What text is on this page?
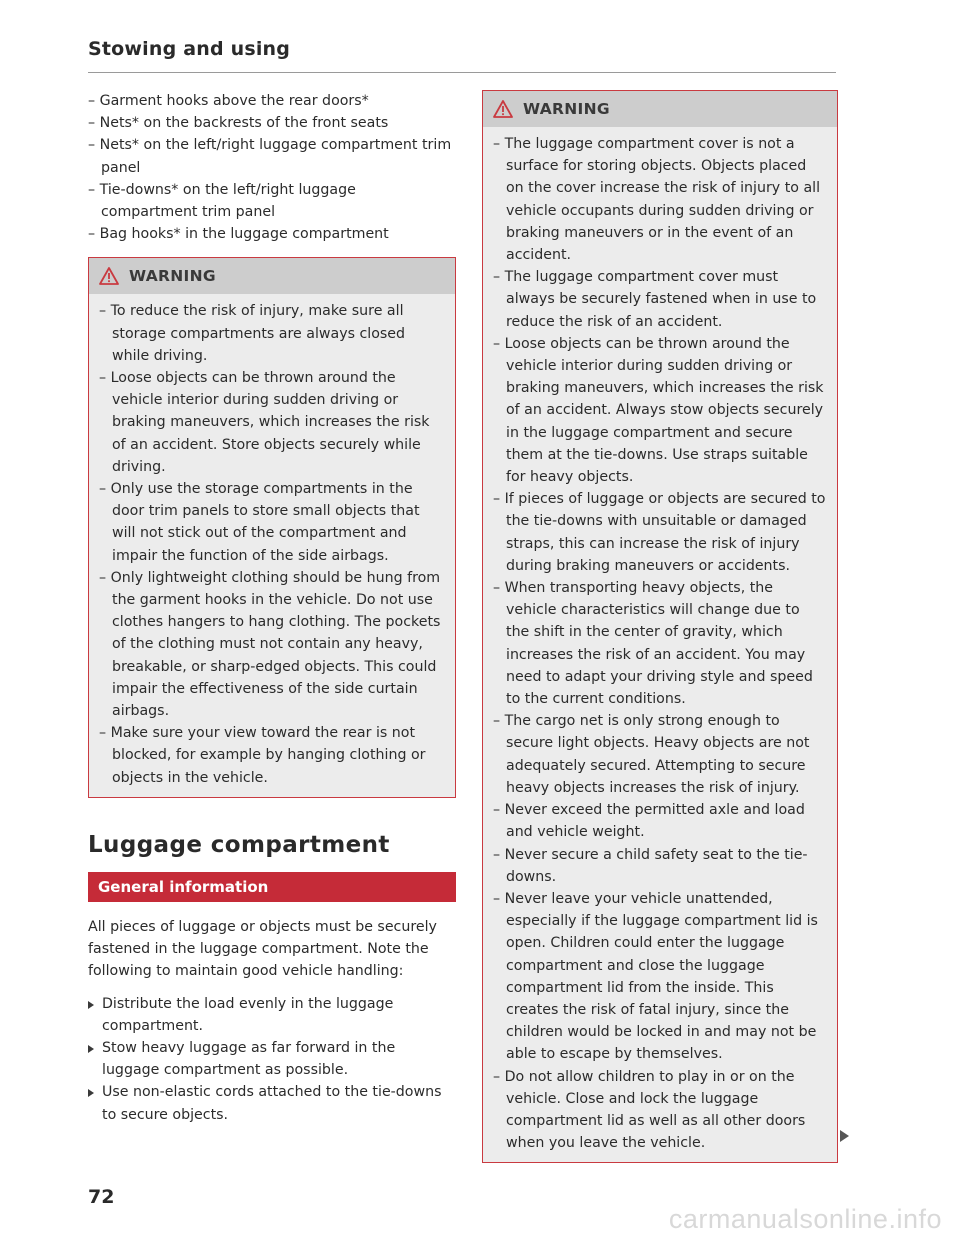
Stowing and using
– Garment hooks above the rear doors*
– Nets* on the backrests of the front seats
– Nets* on the left/right luggage compartment trim panel
– Tie-downs* on the left/right luggage compartment trim panel
– Bag hooks* in the luggage compartment
WARNING
– To reduce the risk of injury, make sure all storage compartments are always closed while driving.
– Loose objects can be thrown around the vehicle interior during sudden driving or braking maneuvers, which increases the risk of an accident. Store objects securely while driving.
– Only use the storage compartments in the door trim panels to store small objects that will not stick out of the compartment and impair the function of the side airbags.
– Only lightweight clothing should be hung from the garment hooks in the vehicle. Do not use clothes hangers to hang clothing. The pockets of the clothing must not contain any heavy, breakable, or sharp-edged objects. This could impair the effectiveness of the side curtain airbags.
– Make sure your view toward the rear is not blocked, for example by hanging clothing or objects in the vehicle.
Luggage compartment
General information
All pieces of luggage or objects must be securely fastened in the luggage compartment. Note the following to maintain good vehicle handling:
Distribute the load evenly in the luggage compartment.
Stow heavy luggage as far forward in the luggage compartment as possible.
Use non-elastic cords attached to the tie-downs to secure objects.
WARNING
– The luggage compartment cover is not a surface for storing objects. Objects placed on the cover increase the risk of injury to all vehicle occupants during sudden driving or braking maneuvers or in the event of an accident.
– The luggage compartment cover must always be securely fastened when in use to reduce the risk of an accident.
– Loose objects can be thrown around the vehicle interior during sudden driving or braking maneuvers, which increases the risk of an accident. Always stow objects securely in the luggage compartment and secure them at the tie-downs. Use straps suitable for heavy objects.
– If pieces of luggage or objects are secured to the tie-downs with unsuitable or damaged straps, this can increase the risk of injury during braking maneuvers or accidents.
– When transporting heavy objects, the vehicle characteristics will change due to the shift in the center of gravity, which increases the risk of an accident. You may need to adapt your driving style and speed to the current conditions.
– The cargo net is only strong enough to secure light objects. Heavy objects are not adequately secured. Attempting to secure heavy objects increases the risk of injury.
– Never exceed the permitted axle and load and vehicle weight.
– Never secure a child safety seat to the tie-downs.
– Never leave your vehicle unattended, especially if the luggage compartment lid is open. Children could enter the luggage compartment and close the luggage compartment lid from the inside. This creates the risk of fatal injury, since the children would be locked in and may not be able to escape by themselves.
– Do not allow children to play in or on the vehicle. Close and lock the luggage compartment lid as well as all other doors when you leave the vehicle.
72
carmanualsonline.info
